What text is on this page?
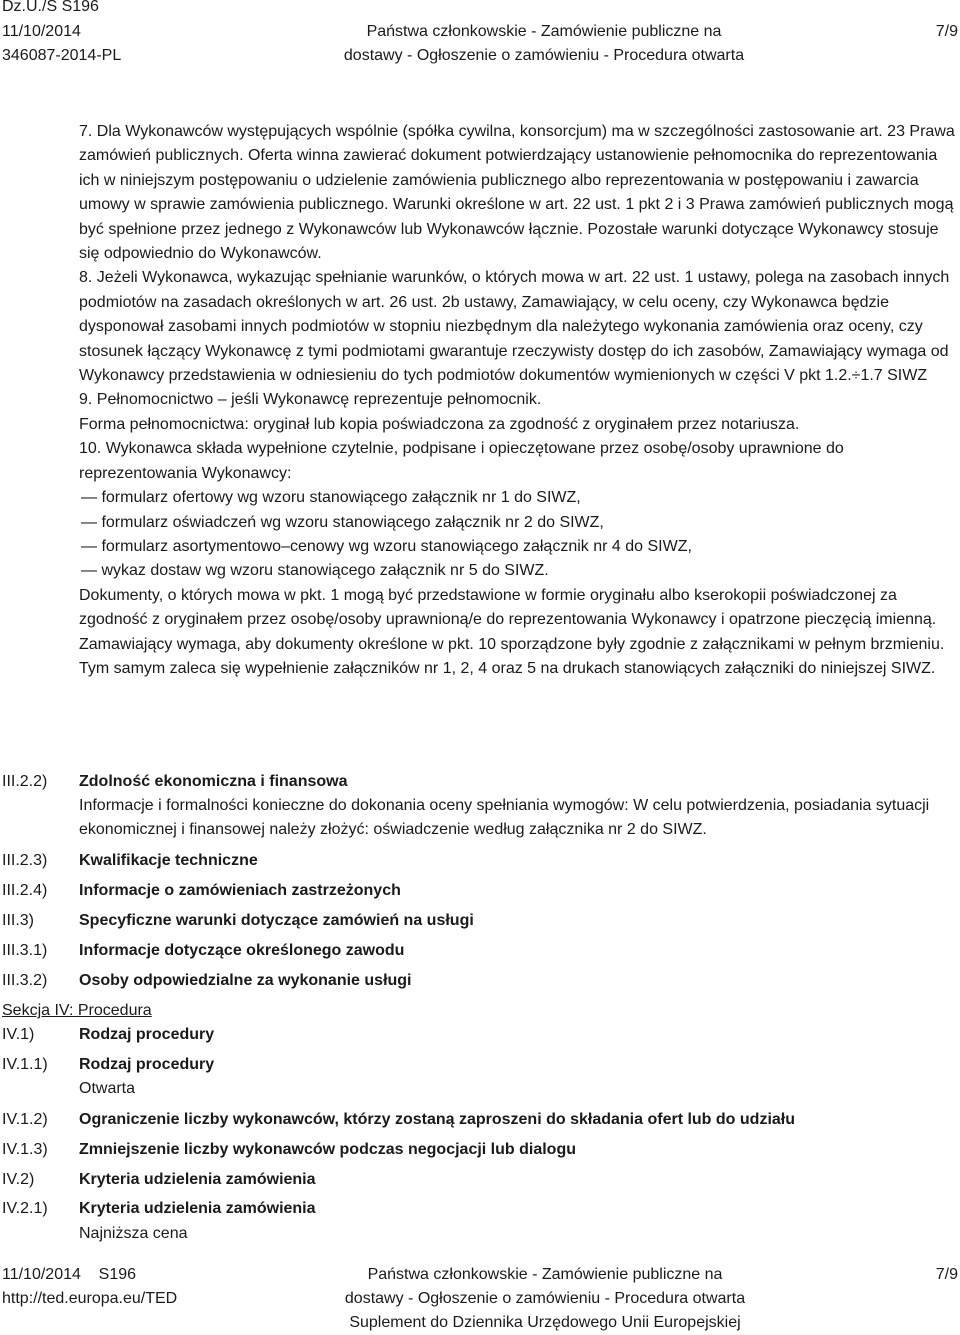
Dz.U./S S196
11/10/2014
346087-2014-PL
Państwa członkowskie - Zamówienie publiczne na
dostawy - Ogłoszenie o zamówieniu - Procedura otwarta
7/9

7. Dla Wykonawców występujących wspólnie (spółka cywilna, konsorcjum) ma w szczególności zastosowanie art. 23 Prawa zamówień publicznych. Oferta winna zawierać dokument potwierdzający ustanowienie pełnomocnika do reprezentowania ich w niniejszym postępowaniu o udzielenie zamówienia publicznego albo reprezentowania w postępowaniu i zawarcia umowy w sprawie zamówienia publicznego. Warunki określone w art. 22 ust. 1 pkt 2 i 3 Prawa zamówień publicznych mogą być spełnione przez jednego z Wykonawców lub Wykonawców łącznie. Pozostałe warunki dotyczące Wykonawcy stosuje się odpowiednio do Wykonawców.

8. Jeżeli Wykonawca, wykazując spełnianie warunków, o których mowa w art. 22 ust. 1 ustawy, polega na zasobach innych podmiotów na zasadach określonych w art. 26 ust. 2b ustawy, Zamawiający, w celu oceny, czy Wykonawca będzie dysponował zasobami innych podmiotów w stopniu niezbędnym dla należytego wykonania zamówienia oraz oceny, czy stosunek łączący Wykonawcę z tymi podmiotami gwarantuje rzeczywisty dostęp do ich zasobów, Zamawiający wymaga od Wykonawcy przedstawienia w odniesieniu do tych podmiotów dokumentów wymienionych w części V pkt 1.2.÷1.7 SIWZ

9. Pełnomocnictwo – jeśli Wykonawcę reprezentuje pełnomocnik.

Forma pełnomocnictwa: oryginał lub kopia poświadczona za zgodność z oryginałem przez notariusza.

10. Wykonawca składa wypełnione czytelnie, podpisane i opieczętowane przez osobę/osoby uprawnione do reprezentowania Wykonawcy:

— formularz ofertowy wg wzoru stanowiącego załącznik nr 1 do SIWZ,

— formularz oświadczeń wg wzoru stanowiącego załącznik nr 2 do SIWZ,

— formularz asortymentowo–cenowy wg wzoru stanowiącego załącznik nr 4 do SIWZ,

— wykaz dostaw wg wzoru stanowiącego załącznik nr 5 do SIWZ.

Dokumenty, o których mowa w pkt. 1 mogą być przedstawione w formie oryginału albo kserokopii poświadczonej za zgodność z oryginałem przez osobę/osoby uprawnioną/e do reprezentowania Wykonawcy i opatrzone pieczęcią imienną.

Zamawiający wymaga, aby dokumenty określone w pkt. 10 sporządzone były zgodnie z załącznikami w pełnym brzmieniu. Tym samym zaleca się wypełnienie załączników nr 1, 2, 4 oraz 5 na drukach stanowiących załączniki do niniejszej SIWZ.

III.2.2) Zdolność ekonomiczna i finansowa
Informacje i formalności konieczne do dokonania oceny spełniania wymogów: W celu potwierdzenia, posiadania sytuacji ekonomicznej i finansowej należy złożyć: oświadczenie według załącznika nr 2 do SIWZ.
III.2.3) Kwalifikacje techniczne
III.2.4) Informacje o zamówieniach zastrzeżonych
III.3)	Specyficzne warunki dotyczące zamówień na usługi
III.3.1) Informacje dotyczące określonego zawodu
III.3.2) Osoby odpowiedzialne za wykonanie usługi
Sekcja IV: Procedura
IV.1)	Rodzaj procedury
IV.1.1) Rodzaj procedury
Otwarta
IV.1.2) Ograniczenie liczby wykonawców, którzy zostaną zaproszeni do składania ofert lub do udziału
IV.1.3) Zmniejszenie liczby wykonawców podczas negocjacji lub dialogu
IV.2)	Kryteria udzielenia zamówienia
IV.2.1) Kryteria udzielenia zamówienia
Najniższa cena
11/10/2014    S196
http://ted.europa.eu/TED
Państwa członkowskie - Zamówienie publiczne na
dostawy - Ogłoszenie o zamówieniu - Procedura otwarta
Suplement do Dziennika Urzędowego Unii Europejskiej
7/9
